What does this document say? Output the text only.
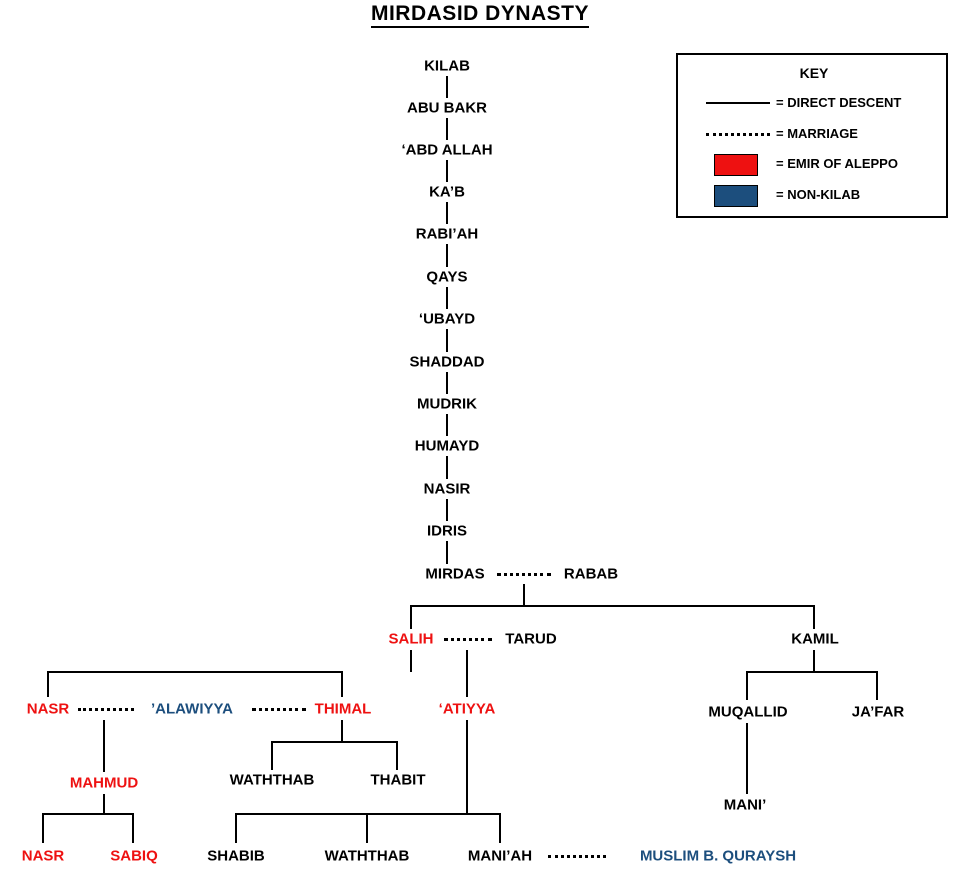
MIRDASID DYNASTY
KILAB
ABU BAKR
‘ABD ALLAH
KA’B
RABI’AH
QAYS
‘UBAYD
SHADDAD
MUDRIK
HUMAYD
NASIR
IDRIS
MIRDAS	RABAB
SALIH	TARUD	KAMIL
NASR	’ALAWIYYA	THIMAL	‘ATIYYA	MUQALLID	JA’FAR
MAHMUD	WATHTHAB	THABIT
MANI’
NASR	SABIQ	SHABIB	WATHTHAB	MANI’AH	MUSLIM B. QURAYSH
KEY
= DIRECT DESCENT
= MARRIAGE
= EMIR OF ALEPPO
= NON-KILAB
